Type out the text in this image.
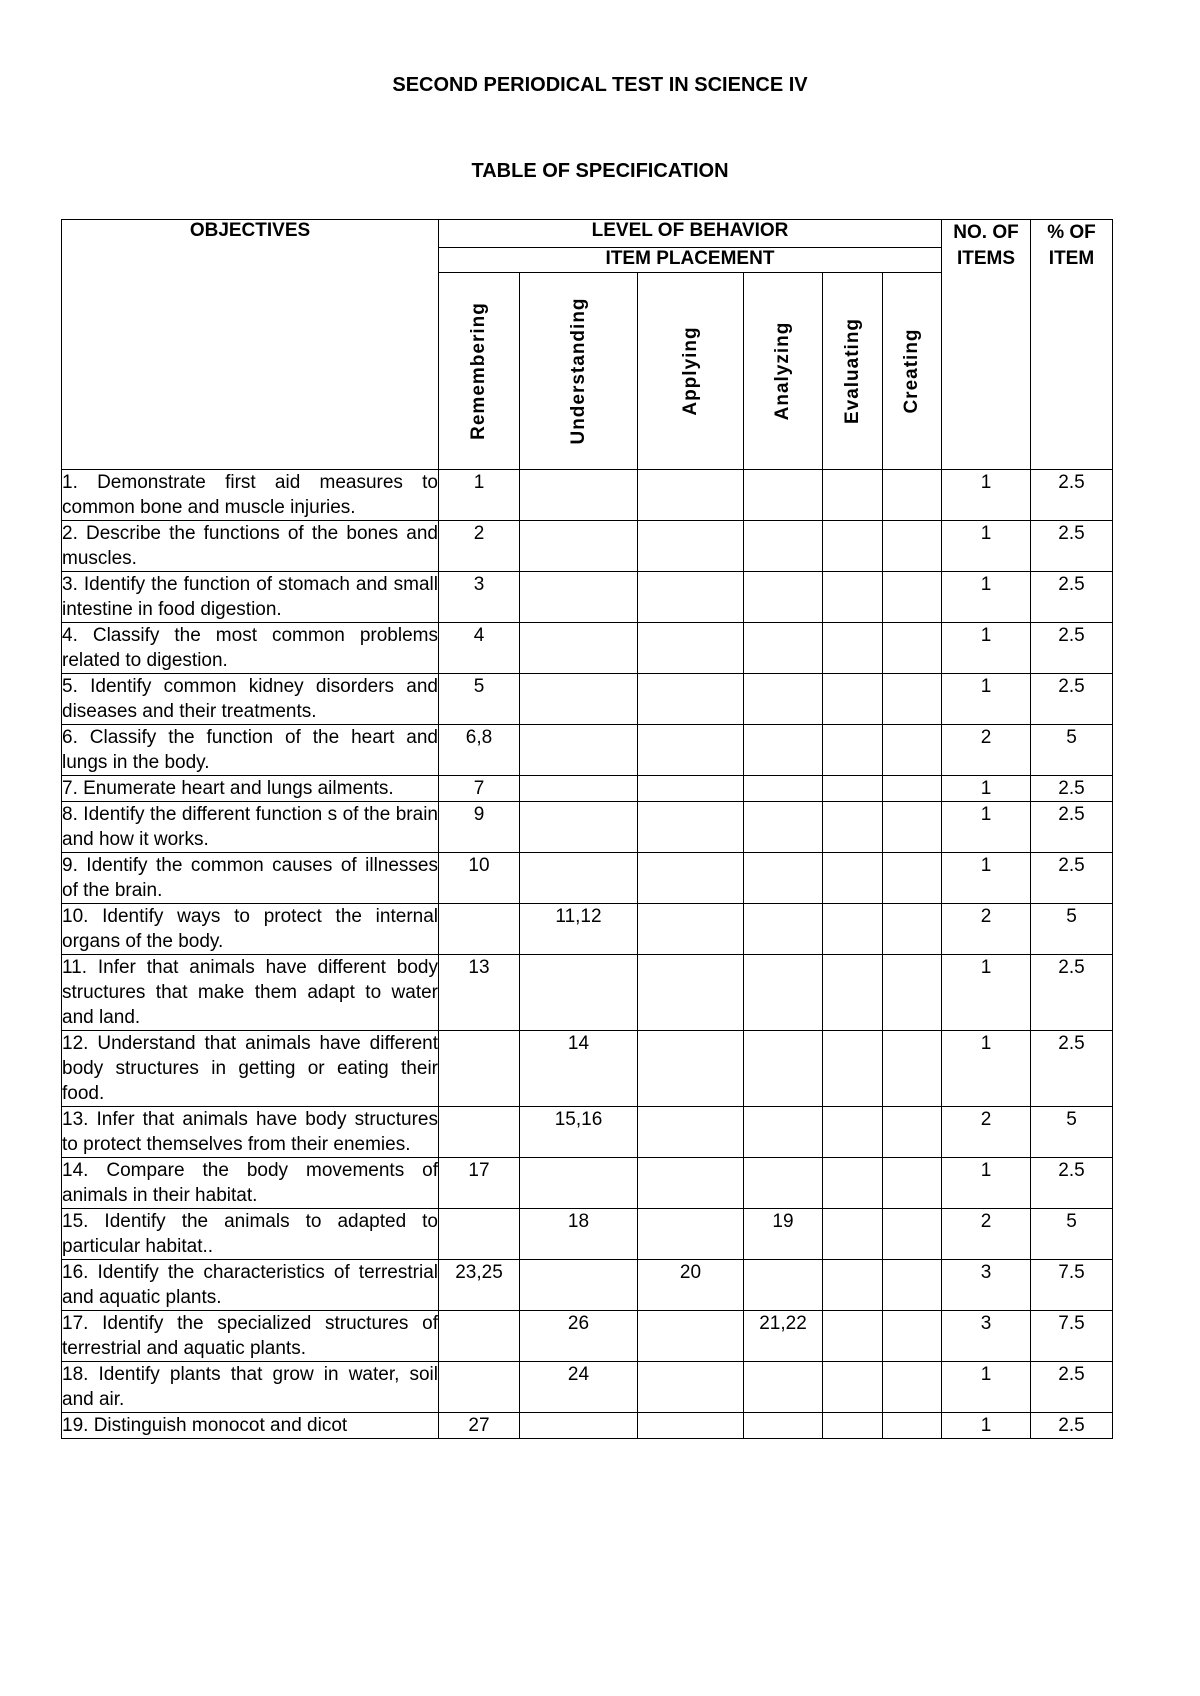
SECOND PERIODICAL TEST IN SCIENCE IV
TABLE OF SPECIFICATION
OBJECTIVES	LEVEL OF BEHAVIOR						NO. OF ITEMS	% OF ITEM
	ITEM PLACEMENT							

	Remembering	Understanding	Applying	Analyzing	Evaluating	Creating		

1. Demonstrate first aid measures to common bone and muscle injuries.	1						1	2.5
2. Describe the functions of the bones and muscles.	2						1	2.5
3. Identify the function of stomach and small intestine in food digestion.	3						1	2.5
4. Classify the most common problems related to digestion.	4						1	2.5
5. Identify common kidney disorders and diseases and their treatments.	5						1	2.5
6. Classify the function of the heart and lungs in the body.	6,8						2	5
7. Enumerate heart and lungs ailments.	7						1	2.5
8. Identify the different function s of the brain and how it works.	9						1	2.5
9. Identify the common causes of illnesses of the brain.	10						1	2.5
10. Identify ways to protect the internal organs of the body.		11,12					2	5
11. Infer that animals have different body structures that make them adapt to water and land.	13						1	2.5
12. Understand that animals have different body structures in getting or eating their food.		14					1	2.5
13. Infer that animals have body structures to protect themselves from their enemies.		15,16					2	5
14. Compare the body movements of animals in their habitat.	17						1	2.5
15. Identify the animals to adapted to particular habitat..		18		19			2	5
16. Identify the characteristics of terrestrial and aquatic plants.	23,25		20				3	7.5
17. Identify the specialized structures of terrestrial and aquatic plants.		26		21,22			3	7.5
18. Identify plants that grow in water, soil and air.		24					1	2.5
19. Distinguish monocot and dicot	27						1	2.5
